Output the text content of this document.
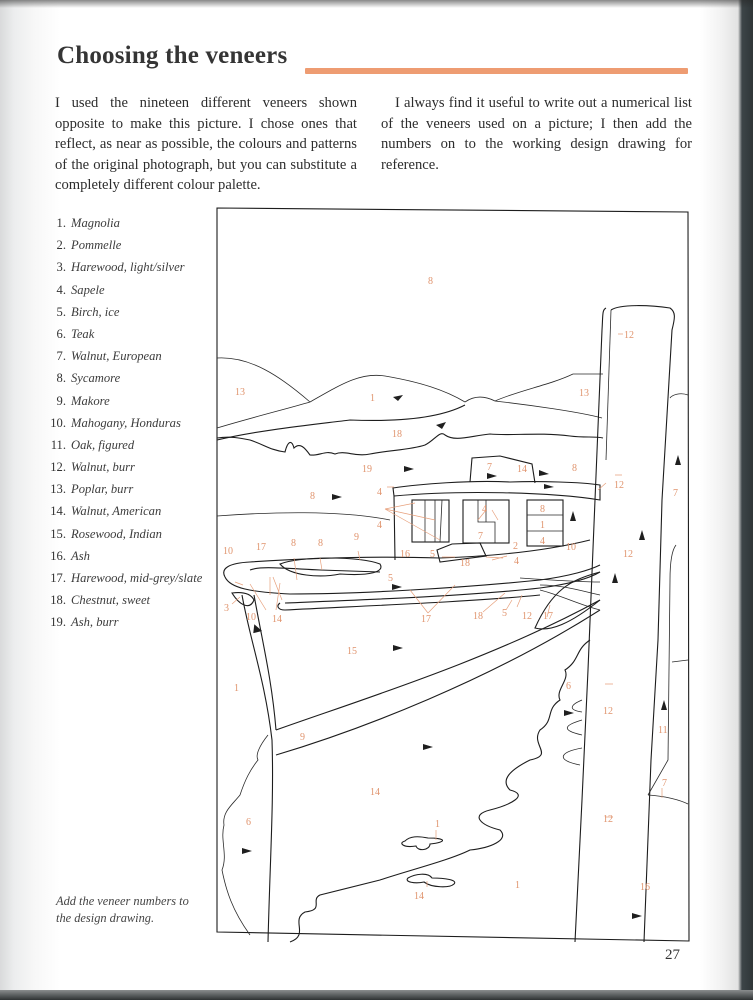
Choosing the veneers

I used the nineteen different veneers shown opposite to make this picture. I chose ones that reflect, as near as possible, the colours and patterns of the original photograph, but you can substitute a completely different colour palette.

I always find it useful to write out a numerical list of the veneers used on a picture; I then add the numbers on to the working design drawing for reference.

1. Magnolia
2. Pommelle
3. Harewood, light/silver
4. Sapele
5. Birch, ice
6. Teak
7. Walnut, European
8. Sycamore
9. Makore
10. Mahogany, Honduras
11. Oak, figured
12. Walnut, burr
13. Poplar, burr
14. Walnut, American
15. Rosewood, Indian
16. Ash
17. Harewood, mid-grey/slate
18. Chestnut, sweet
19. Ash, burr

Add the veneer numbers to the design drawing.

8
13
1	13
18
19
8
12
12
12
12
12
7
7
11
16
7	14	8
4
4
4
7
8
1
4
10
2
4
5
18
16
5
10 17	8 8
9
3
10 14	17	18 5 12 17
15
1
9
14
6
6
1
14
1
27
